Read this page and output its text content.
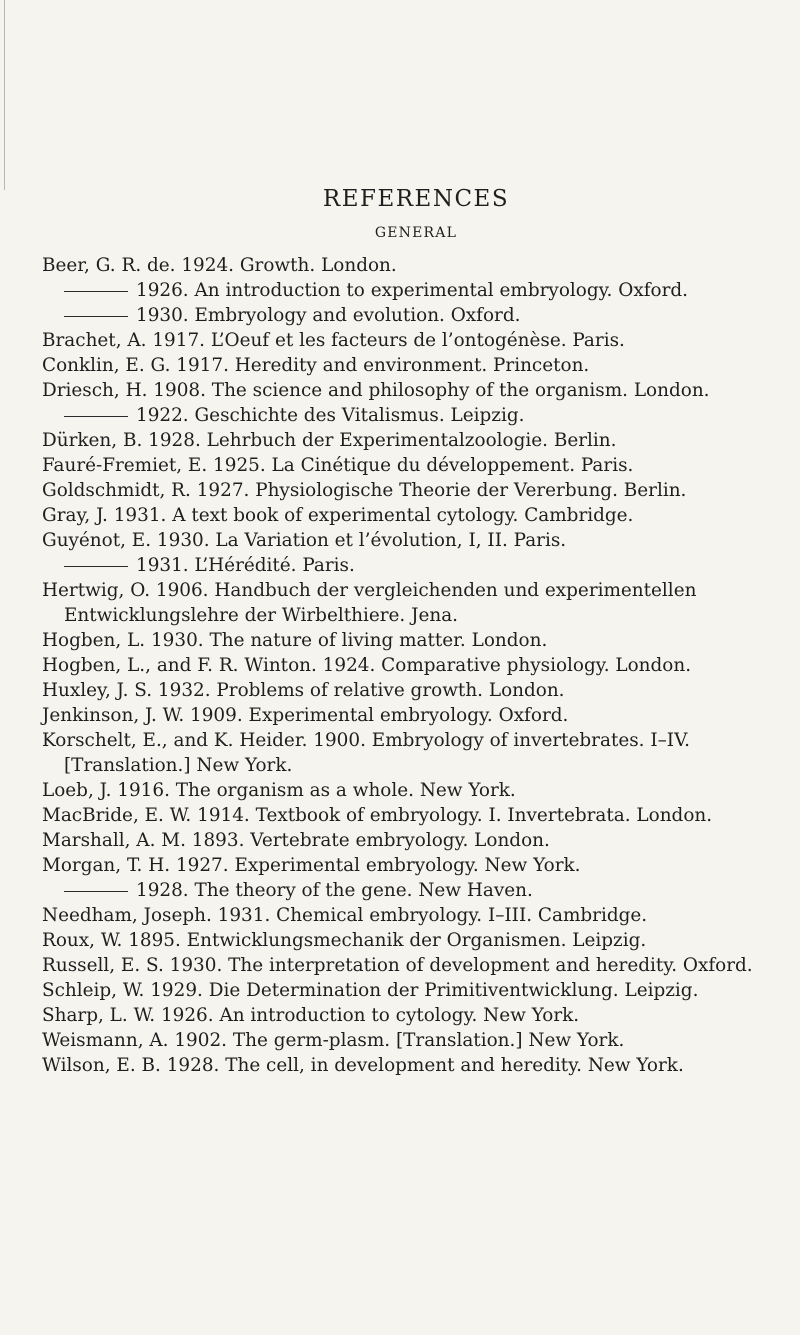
REFERENCES
GENERAL
Beer, G. R. de. 1924. Growth. London.
1926. An introduction to experimental embryology. Oxford.
1930. Embryology and evolution. Oxford.
Brachet, A. 1917. L’Oeuf et les facteurs de l’ontogénèse. Paris.
Conklin, E. G. 1917. Heredity and environment. Princeton.
Driesch, H. 1908. The science and philosophy of the organism. London.
1922. Geschichte des Vitalismus. Leipzig.
Dürken, B. 1928. Lehrbuch der Experimentalzoologie. Berlin.
Fauré-Fremiet, E. 1925. La Cinétique du développement. Paris.
Goldschmidt, R. 1927. Physiologische Theorie der Vererbung. Berlin.
Gray, J. 1931. A text book of experimental cytology. Cambridge.
Guyénot, E. 1930. La Variation et l’évolution, I, II. Paris.
1931. L’Hérédité. Paris.
Hertwig, O. 1906. Handbuch der vergleichenden und experimentellen Entwicklungslehre der Wirbelthiere. Jena.
Hogben, L. 1930. The nature of living matter. London.
Hogben, L., and F. R. Winton. 1924. Comparative physiology. London.
Huxley, J. S. 1932. Problems of relative growth. London.
Jenkinson, J. W. 1909. Experimental embryology. Oxford.
Korschelt, E., and K. Heider. 1900. Embryology of invertebrates. I–IV. [Translation.] New York.
Loeb, J. 1916. The organism as a whole. New York.
MacBride, E. W. 1914. Textbook of embryology. I. Invertebrata. London.
Marshall, A. M. 1893. Vertebrate embryology. London.
Morgan, T. H. 1927. Experimental embryology. New York.
1928. The theory of the gene. New Haven.
Needham, Joseph. 1931. Chemical embryology. I–III. Cambridge.
Roux, W. 1895. Entwicklungsmechanik der Organismen. Leipzig.
Russell, E. S. 1930. The interpretation of development and heredity. Oxford.
Schleip, W. 1929. Die Determination der Primitiventwicklung. Leipzig.
Sharp, L. W. 1926. An introduction to cytology. New York.
Weismann, A. 1902. The germ-plasm. [Translation.] New York.
Wilson, E. B. 1928. The cell, in development and heredity. New York.
